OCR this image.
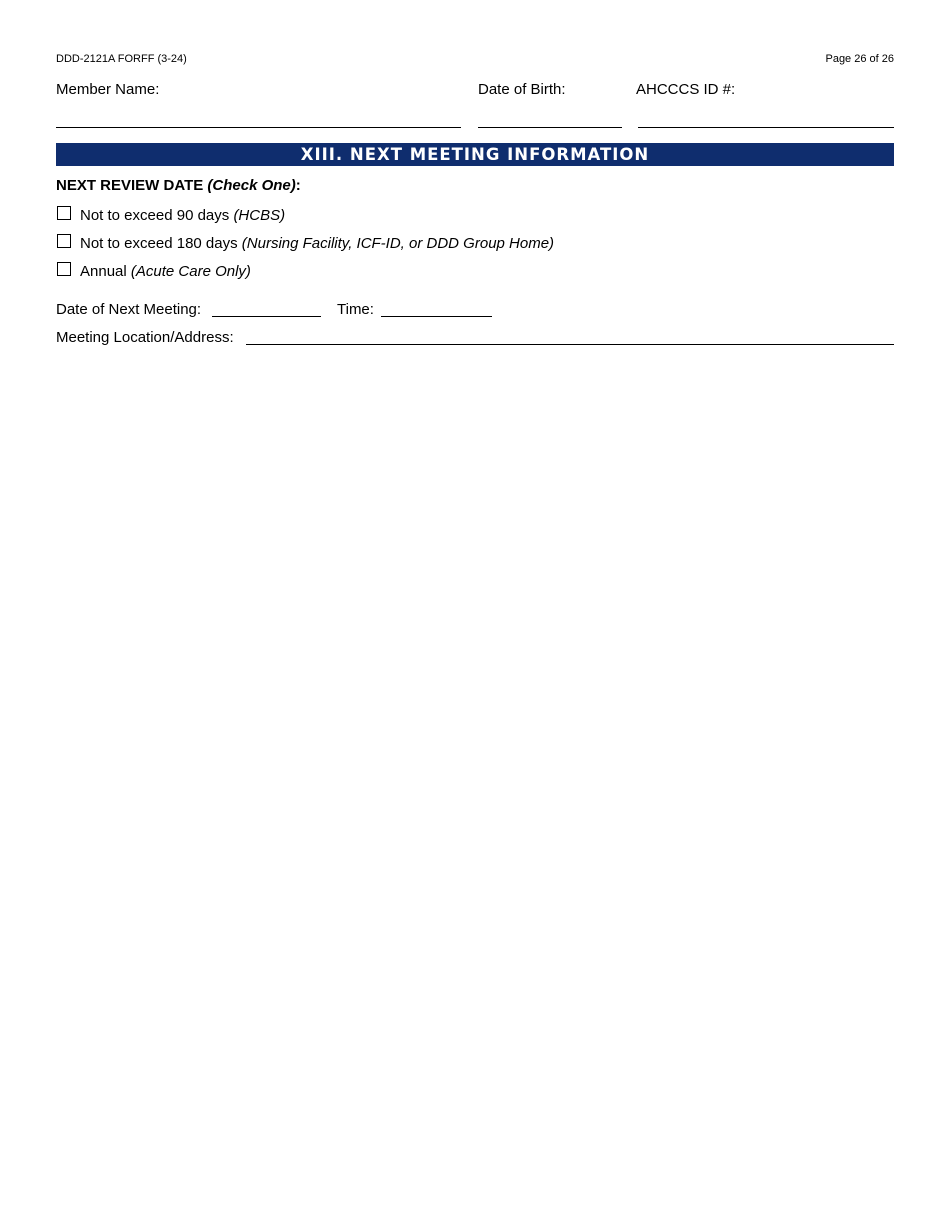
DDD-2121A FORFF (3-24)	Page 26 of 26
Member Name:	Date of Birth:	AHCCCS ID #:
XIII. NEXT MEETING INFORMATION
NEXT REVIEW DATE (Check One):
Not to exceed 90 days (HCBS)
Not to exceed 180 days (Nursing Facility, ICF-ID, or DDD Group Home)
Annual (Acute Care Only)
Date of Next Meeting:	Time:
Meeting Location/Address:
